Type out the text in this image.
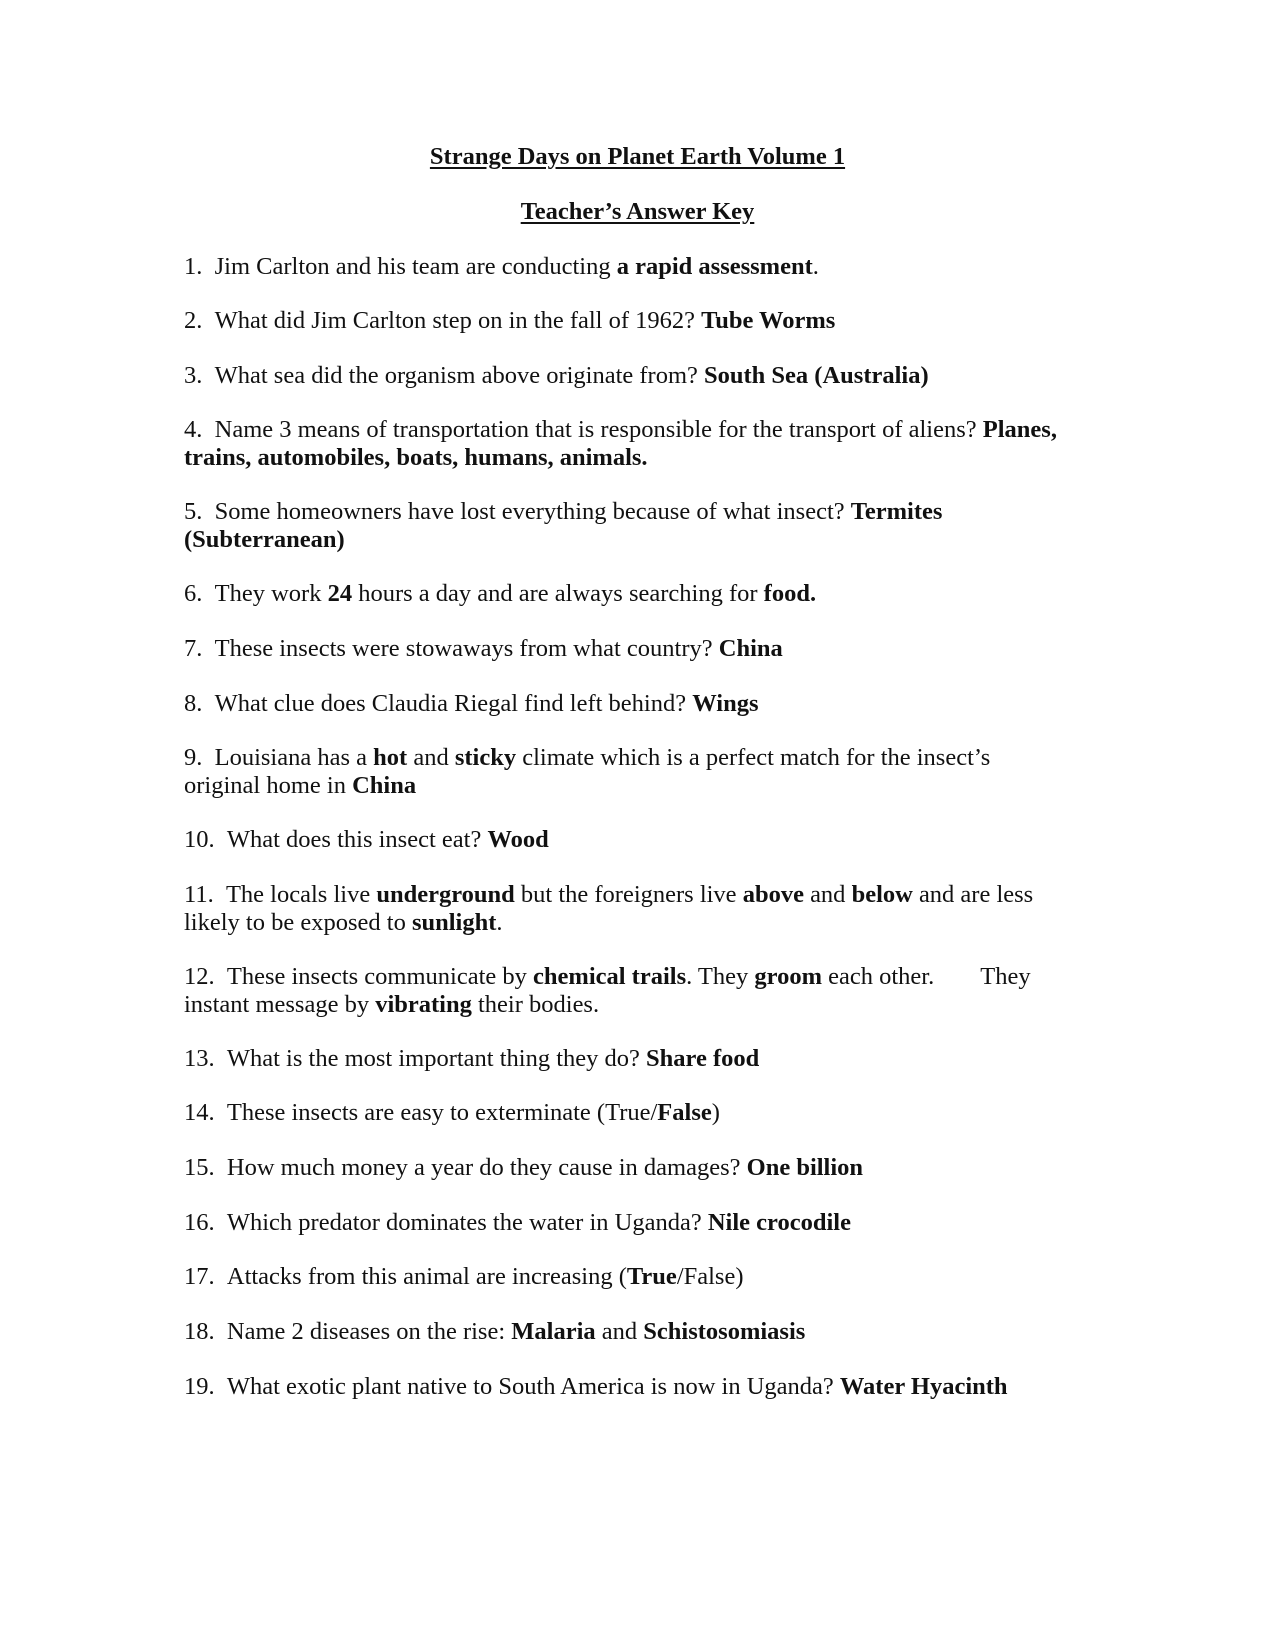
Strange Days on Planet Earth Volume 1

Teacher’s Answer Key

1. Jim Carlton and his team are conducting a rapid assessment.

2. What did Jim Carlton step on in the fall of 1962? Tube Worms

3. What sea did the organism above originate from? South Sea (Australia)

4. Name 3 means of transportation that is responsible for the transport of aliens? Planes, trains, automobiles, boats, humans, animals.

5. Some homeowners have lost everything because of what insect? Termites (Subterranean)

6. They work 24 hours a day and are always searching for food.

7. These insects were stowaways from what country? China

8. What clue does Claudia Riegal find left behind? Wings

9. Louisiana has a hot and sticky climate which is a perfect match for the insect’s original home in China

10. What does this insect eat? Wood

11. The locals live underground but the foreigners live above and below and are less likely to be exposed to sunlight.

12. These insects communicate by chemical trails. They groom each other. They instant message by vibrating their bodies.

13. What is the most important thing they do? Share food

14. These insects are easy to exterminate (True/False)

15. How much money a year do they cause in damages? One billion

16. Which predator dominates the water in Uganda? Nile crocodile

17. Attacks from this animal are increasing (True/False)

18. Name 2 diseases on the rise: Malaria and Schistosomiasis

19. What exotic plant native to South America is now in Uganda? Water Hyacinth
